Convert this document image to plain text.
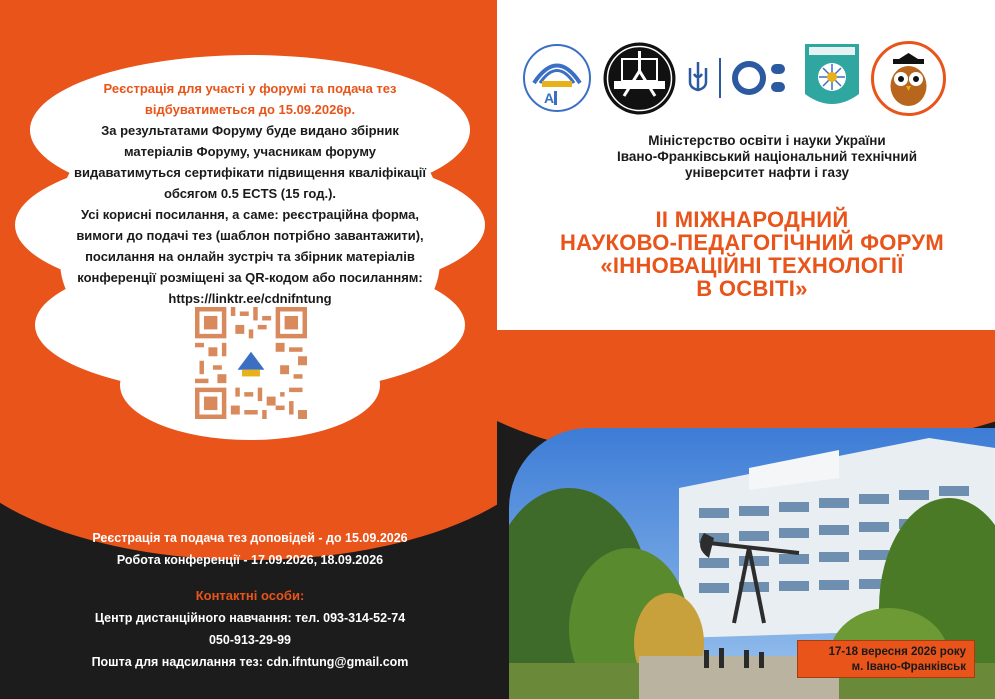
Реєстрація для участі у форумі та подача тез
відбуватиметься до 15.09.2026р.
За результатами Форуму буде видано збірник
матеріалів Форуму, учасникам форуму
видаватимуться сертифікати підвищення кваліфікації
обсягом 0.5 ECTS (15 год.).
Усі корисні посилання, а саме: реєстраційна форма,
вимоги до подачі тез (шаблон потрібно завантажити),
посилання на онлайн зустріч та збірник матеріалів
конференції розміщені за QR-кодом або посиланням:
https://linktr.ee/cdnifntung
Основні дати:
Реєстрація та подача тез доповідей - до 15.09.2026
Робота конференції - 17.09.2026, 18.09.2026
Контактні особи:
Центр дистанційного навчання: тел. 093-314-52-74
050-913-29-99
Пошта для надсилання тез: cdn.ifntung@gmail.com
A
Міністерство освіти і науки України
Івано-Франківський національний технічний
університет нафти і газу
ІІ МІЖНАРОДНИЙ
НАУКОВО-ПЕДАГОГІЧНИЙ ФОРУМ
«ІННОВАЦІЙНІ ТЕХНОЛОГІЇ
В ОСВІТІ»
17-18 вересня 2026 року
м. Івано-Франківськ
